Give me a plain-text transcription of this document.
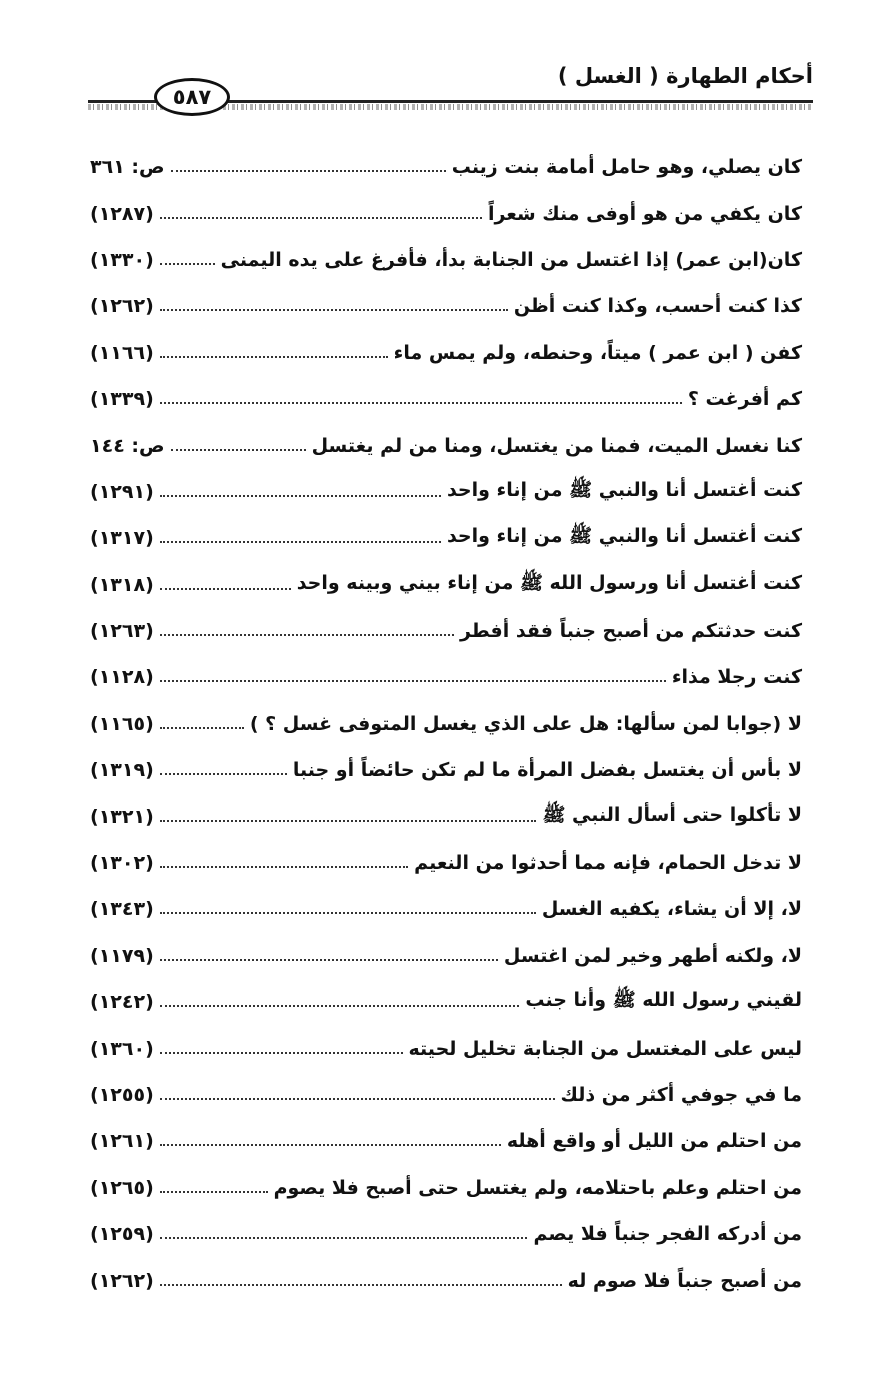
أحكام الطهارة ( الغسل )
٥٨٧
كان يصلي، وهو حامل أمامة بنت زينب
ص: ٣٦١
كان يكفي من هو أوفى منك شعراً
(١٢٨٧)
كان(ابن عمر) إذا اغتسل من الجنابة بدأ، فأفرغ على يده اليمنى
(١٣٣٠)
كذا كنت أحسب، وكذا كنت أظن
(١٢٦٢)
كفن ( ابن عمر ) ميتاً، وحنطه، ولم يمس ماء
(١١٦٦)
كم أفرغت ؟
(١٣٣٩)
كنا نغسل الميت، فمنا من يغتسل، ومنا من لم يغتسل
ص: ١٤٤
كنت أغتسل أنا والنبي ﷺ من إناء واحد
(١٢٩١)
كنت أغتسل أنا والنبي ﷺ من إناء واحد
(١٣١٧)
كنت أغتسل أنا ورسول الله ﷺ من إناء بيني وبينه واحد
(١٣١٨)
كنت حدثتكم من أصبح جنباً فقد أفطر
(١٢٦٣)
كنت رجلا مذاء
(١١٢٨)
لا (جوابا لمن سألها: هل على الذي يغسل المتوفى غسل ؟ )
(١١٦٥)
لا بأس أن يغتسل بفضل المرأة ما لم تكن حائضاً أو جنبا
(١٣١٩)
لا تأكلوا حتى أسأل النبي ﷺ
(١٣٢١)
لا تدخل الحمام، فإنه مما أحدثوا من النعيم
(١٣٠٢)
لا، إلا أن يشاء، يكفيه الغسل
(١٣٤٣)
لا، ولكنه أطهر وخير لمن اغتسل
(١١٧٩)
لقيني رسول الله ﷺ وأنا جنب
(١٢٤٢)
ليس على المغتسل من الجنابة تخليل لحيته
(١٣٦٠)
ما في جوفي أكثر من ذلك
(١٢٥٥)
من احتلم من الليل أو واقع أهله
(١٢٦١)
من احتلم وعلم باحتلامه، ولم يغتسل حتى أصبح فلا يصوم
(١٢٦٥)
من أدركه الفجر جنباً فلا يصم
(١٢٥٩)
من أصبح جنباً فلا صوم له
(١٢٦٢)
